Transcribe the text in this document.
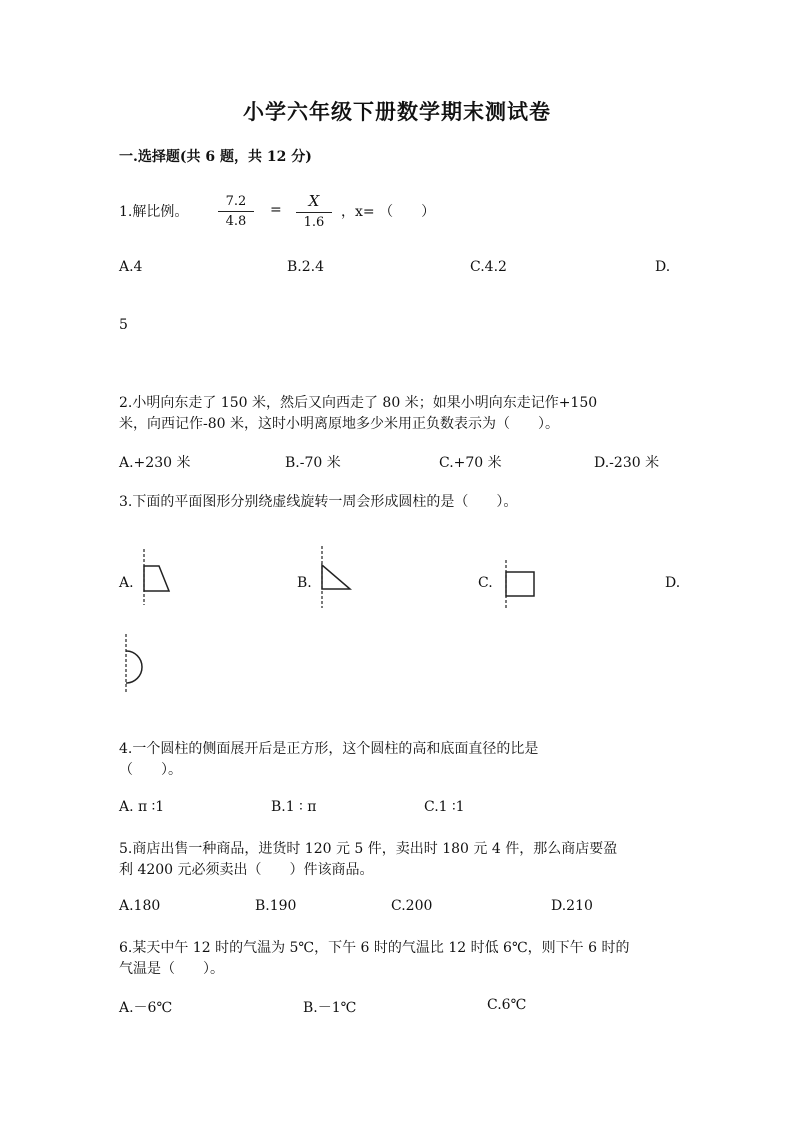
小学六年级下册数学期末测试卷
一.选择题(共 6 题，共 12 分)
1.解比例。 $\frac{7.2}{4.8} = \frac{X}{1.6}$ ，x= （　　）
A.4	B.2.4	C.4.2	D.
5
2.小明向东走了 150 米，然后又向西走了 80 米；如果小明向东走记作+150
米，向西记作-80 米，这时小明离原地多少米用正负数表示为（　　）。
A.+230 米	B.-70 米	C.+70 米	D.-230 米
3.下面的平面图形分别绕虚线旋转一周会形成圆柱的是（　　）。
A.	B.	C.	D.
4.一个圆柱的侧面展开后是正方形，这个圆柱的高和底面直径的比是
（　　）。
A. π ∶1	B.1 ∶ π	C.1 ∶1
5.商店出售一种商品，进货时 120 元 5 件，卖出时 180 元 4 件，那么商店要盈
利 4200 元必须卖出（　　）件该商品。
A.180	B.190	C.200	D.210
6.某天中午 12 时的气温为 5℃，下午 6 时的气温比 12 时低 6℃，则下午 6 时的
气温是（　　）。
A.－6℃	B.－1℃	C.6℃
